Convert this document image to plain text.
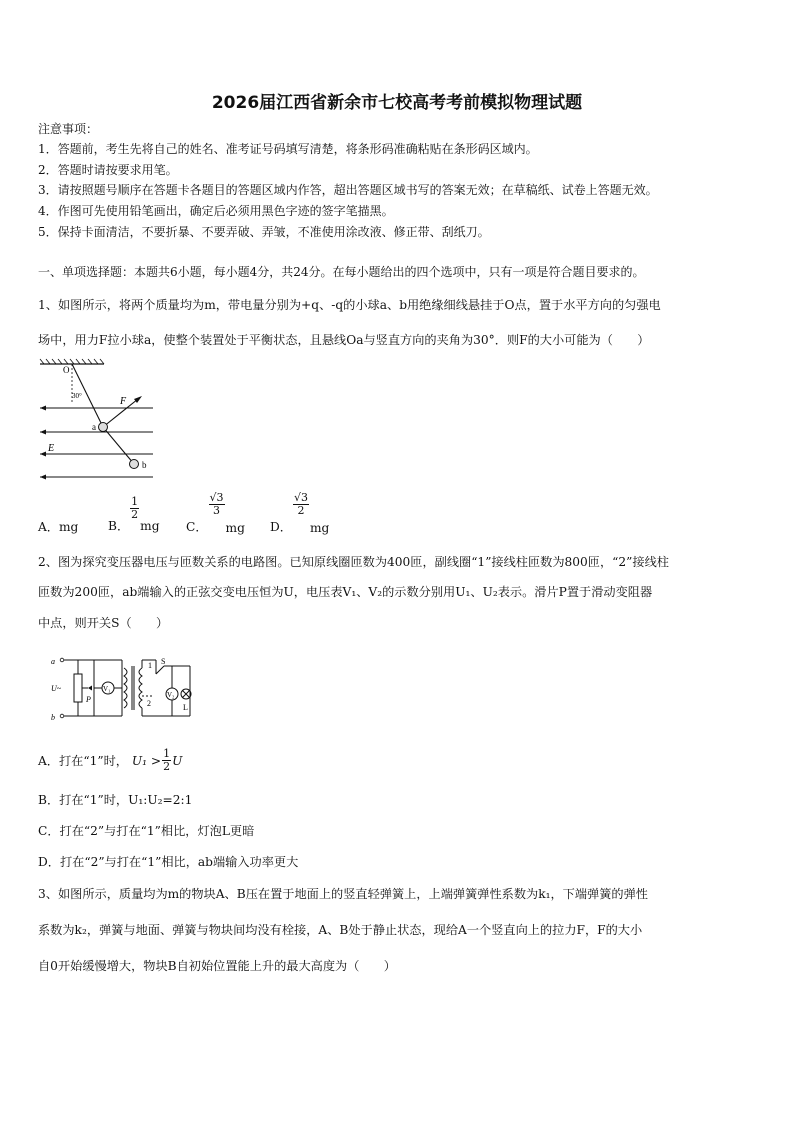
2026届江西省新余市七校高考考前模拟物理试题
注意事项：
1．答题前，考生先将自己的姓名、准考证号码填写清楚，将条形码准确粘贴在条形码区域内。
2．答题时请按要求用笔。
3．请按照题号顺序在答题卡各题目的答题区域内作答，超出答题区域书写的答案无效；在草稿纸、试卷上答题无效。
4．作图可先使用铅笔画出，确定后必须用黑色字迹的签字笔描黑。
5．保持卡面清洁，不要折暴、不要弄破、弄皱，不准使用涂改液、修正带、刮纸刀。
一、单项选择题：本题共6小题，每小题4分，共24分。在每小题给出的四个选项中，只有一项是符合题目要求的。
1、如图所示，将两个质量均为m，带电量分别为+q、-q的小球a、b用绝缘细线悬挂于O点，置于水平方向的匀强电
场中，用力F拉小球a，使整个装置处于平衡状态，且悬线Oa与竖直方向的夹角为30°．则F的大小可能为（　　）
O
30°	F
a
E
b
A．mg B．
$\frac{1}{2}$
mg C．
$\frac{√3}{3}$
mg D．
$\frac{√3}{2}$
mg
2、图为探究变压器电压与匝数关系的电路图。已知原线圈匝数为400匝，副线圈“1”接线柱匝数为800匝，“2”接线柱
匝数为200匝，ab端输入的正弦交变电压恒为U，电压表V₁、V₂的示数分别用U₁、U₂表示。滑片P置于滑动变阻器
中点，则开关S（　　）
a
b
U~
P
V₁
V₂
1
2
S
L
A．打在“1”时， $U_1 > \frac{1}{2}$ U
B．打在“1”时，U₁:U₂=2:1
C．打在“2”与打在“1”相比，灯泡L更暗
D．打在“2”与打在“1”相比，ab端输入功率更大
3、如图所示，质量均为m的物块A、B压在置于地面上的竖直轻弹簧上，上端弹簧弹性系数为k₁，下端弹簧的弹性
系数为k₂，弹簧与地面、弹簧与物块间均没有栓接，A、B处于静止状态，现给A一个竖直向上的拉力F，F的大小
自0开始缓慢增大，物块B自初始位置能上升的最大高度为（　　）
